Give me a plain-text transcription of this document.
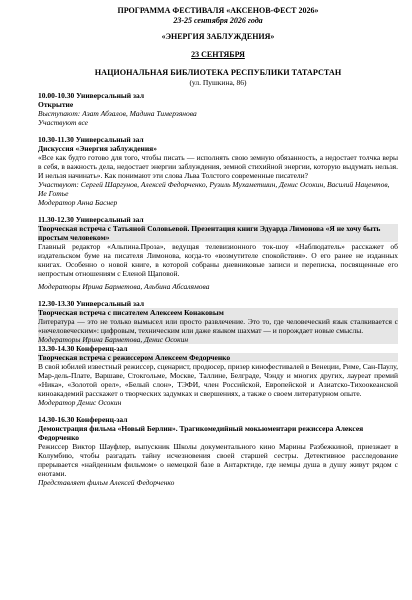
ПРОГРАММА ФЕСТИВАЛЯ «АКСЕНОВ-ФЕСТ 2026»
23-25 сентября 2026 года
«ЭНЕРГИЯ ЗАБЛУЖДЕНИЯ»
23 СЕНТЯБРЯ
НАЦИОНАЛЬНАЯ БИБЛИОТЕКА РЕСПУБЛИКИ ТАТАРСТАН
(ул. Пушкина, 86)
10.00-10.30 Универсальный зал
Открытие
Выступают: Азат Абзалов, Мадина Тимерзянова
Участвуют все
10.30-11.30 Универсальный зал
Дискуссия «Энергия заблуждения»

«Все как будто готово для того, чтобы писать — исполнять свою земную обязанность, а недостает толчка веры в себя, в важность дела, недостает энергии заблуждения, земной стихийной энергии, которую выдумать нельзя. И нельзя начинать». Как понимают эти слова Льва Толстого современные писатели?

Участвуют: Сергей Шаргунов, Алексей Федорченко, Рузиль Мухаметшин, Денис Осокин, Василий Нацентов, Ие Готье

Модератор Анна Баснер
11.30-12.30 Универсальный зал
Творческая встреча с Татьяной Соловьевой. Презентация книги Эдуарда Лимонова «Я не хочу быть простым человеком»

Главный редактор «Альпина.Проза», ведущая телевизионного ток-шоу «Наблюдатель» расскажет об издательском буме на писателя Лимонова, когда-то «возмутителе спокойствия». О его ранее не изданных книгах. Особенно о новой книге, в которой собраны дневниковые записи и переписка, посвященные его непростым отношениям с Еленой Щаповой.

Модераторы Ирина Барметова, Альбина Абсалямова
12.30-13.30 Универсальный зал
Творческая встреча с писателем Алексеем Конаковым

Литература — это не только вымысел или просто развлечение. Это то, где человеческий язык сталкивается с «нечеловеческим»: цифровым, техническим или даже языком шахмат — и порождает новые смыслы.

Модераторы Ирина Барметова, Денис Осокин
13.30-14.30 Конференц-зал
Творческая встреча с режиссером Алексеем Федорченко

В свой юбилей известный режиссер, сценарист, продюсер, призер кинофестивалей в Венеции, Риме, Сан-Паулу, Мар-дель-Плате, Варшаве, Стокгольме, Москве, Таллине, Белграде, Чэнду и многих других, лауреат премий «Ника», «Золотой орел», «Белый слон», ТЭФИ, член Российской, Европейской и Азиатско-Тихоокеанской киноакадемий расскажет о творческих задумках и свершениях, а также о своем литературном опыте.

Модератор Денис Осокин
14.30-16.30 Конференц-зал
Демонстрация фильма «Новый Берлин». Трагикомедийный мокьюментари режиссера Алексея Федорченко

Режиссер Виктор Шауфлер, выпускник Школы документального кино Марины Разбежкиной, приезжает в Колумбию, чтобы разгадать тайну исчезновения своей старшей сестры. Детективное расследование прерывается «найденным фильмом» о немецкой базе в Антарктиде, где немцы душа в душу живут рядом с енотами.

Представляет фильм Алексей Федорченко
